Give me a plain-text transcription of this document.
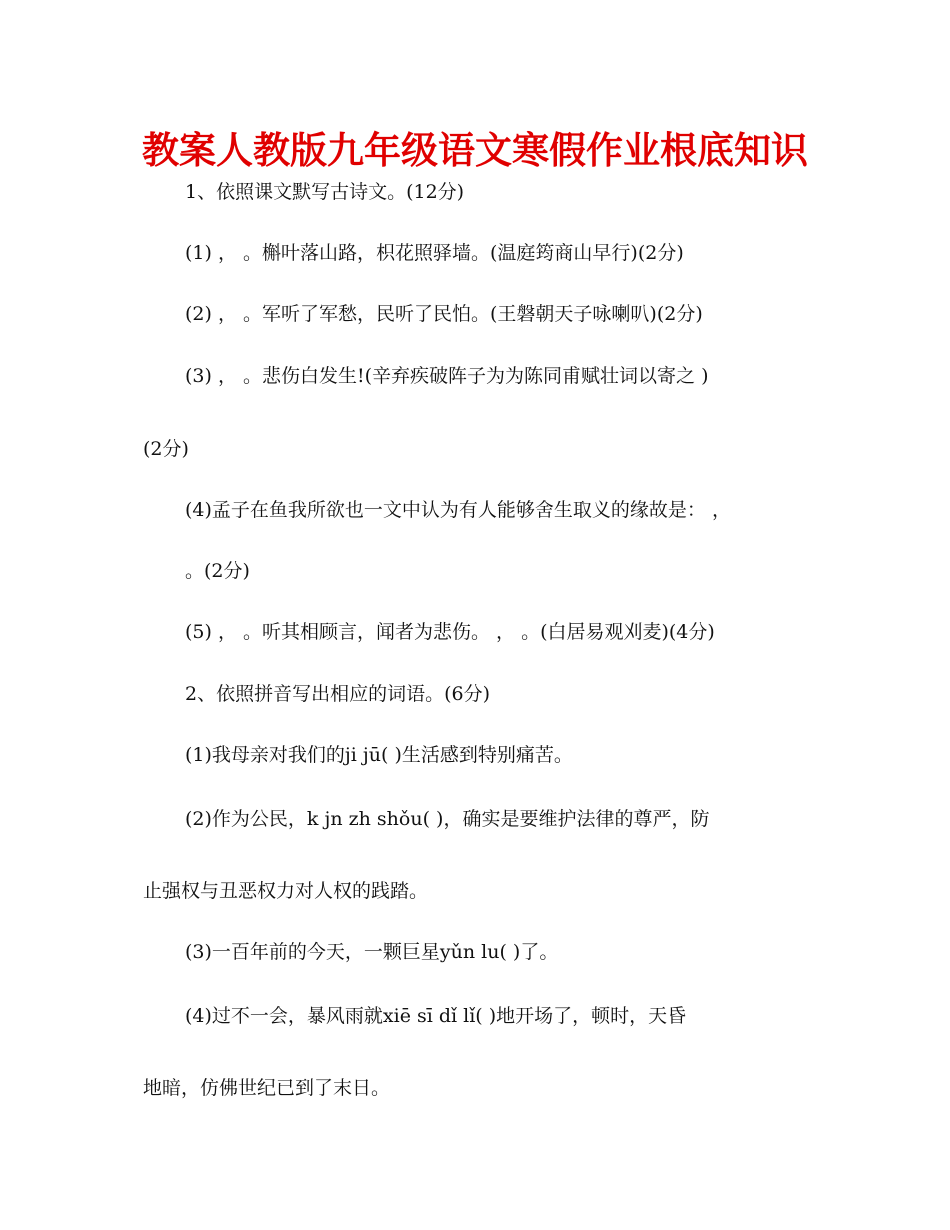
教案人教版九年级语文寒假作业根底知识
1、依照课文默写古诗文。(12分)
(1) ， 。槲叶落山路，枳花照驿墙。(温庭筠商山早行)(2分)
(2) ， 。军听了军愁，民听了民怕。(王磐朝天子咏喇叭)(2分)
(3) ， 。悲伤白发生!(辛弃疾破阵子为为陈同甫赋壮词以寄之 )
(2分)
(4)孟子在鱼我所欲也一文中认为有人能够舍生取义的缘故是： ，
。(2分)
(5) ， 。听其相顾言，闻者为悲伤。 ， 。(白居易观刈麦)(4分)
2、依照拼音写出相应的词语。(6分)
(1)我母亲对我们的ji jū( )生活感到特别痛苦。
(2)作为公民，k jn zh shǒu( )，确实是要维护法律的尊严，防
止强权与丑恶权力对人权的践踏。
(3)一百年前的今天，一颗巨星yǔn lu( )了。
(4)过不一会，暴风雨就xiē sī dǐ lǐ( )地开场了，顿时，天昏
地暗，仿佛世纪已到了末日。
